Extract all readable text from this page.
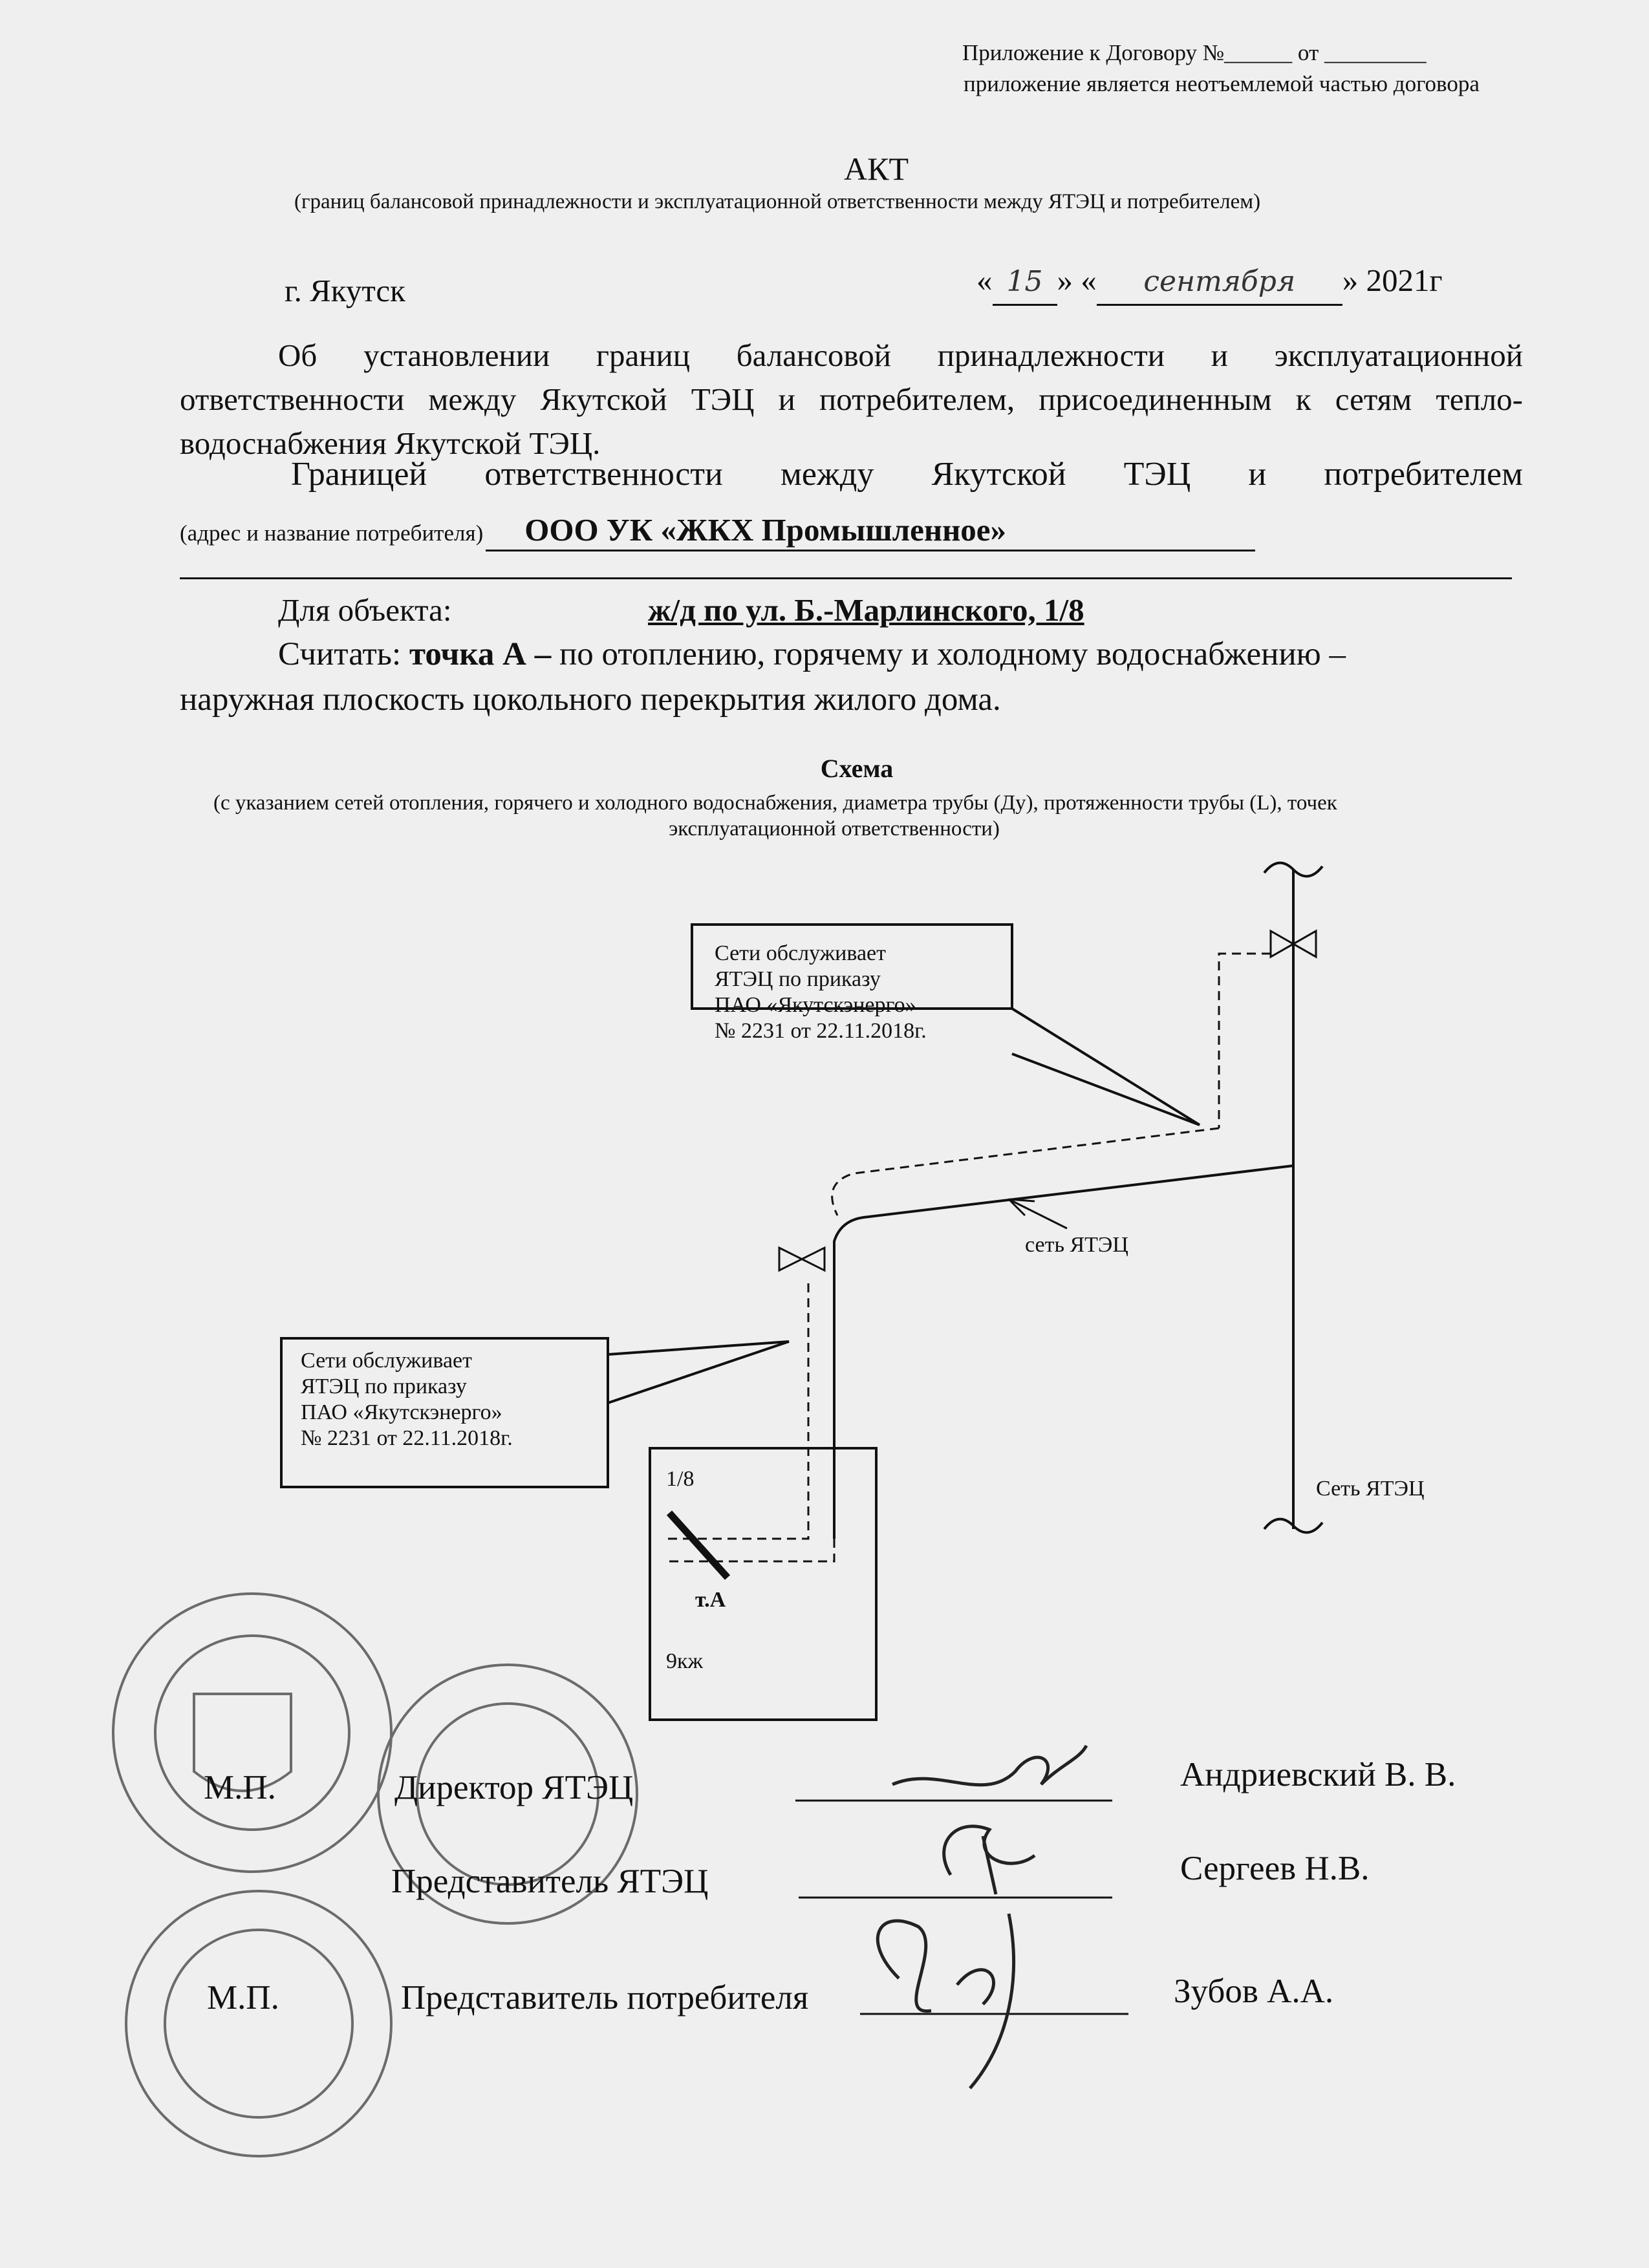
Приложение к Договору №______ от _________
приложение является неотъемлемой частью договора
АКТ
(границ балансовой принадлежности и эксплуатационной ответственности между ЯТЭЦ и потребителем)
г. Якутск	« 15 » « сентября » 2021г
Об установлении границ балансовой принадлежности и эксплуатационной
ответственности между Якутской ТЭЦ и потребителем, присоединенным к сетям тепло-
водоснабжения Якутской ТЭЦ.
Границей ответственности между Якутской ТЭЦ и потребителем
(адрес и название потребителя) ООО УК «ЖКХ Промышленное»
Для объекта:	ж/д по ул. Б.-Марлинского, 1/8
Считать: точка А – по отоплению, горячему и холодному водоснабжению –
наружная плоскость цокольного перекрытия жилого дома.
Схема
(с указанием сетей отопления, горячего и холодного водоснабжения, диаметра трубы (Ду), протяженности трубы (L), точек
эксплуатационной ответственности)
Сети обслуживает
ЯТЭЦ по приказу
ПАО «Якутскэнерго»
№ 2231 от 22.11.2018г.
Сети обслуживает
ЯТЭЦ по приказу
ПАО «Якутскэнерго»
№ 2231 от 22.11.2018г.
сеть ЯТЭЦ
Сеть ЯТЭЦ
1/8
т.А
9кж
М.П.	Директор ЯТЭЦ	Андриевский В. В.
Представитель ЯТЭЦ	Сергеев Н.В.
М.П.	Представитель потребителя	Зубов А.А.
